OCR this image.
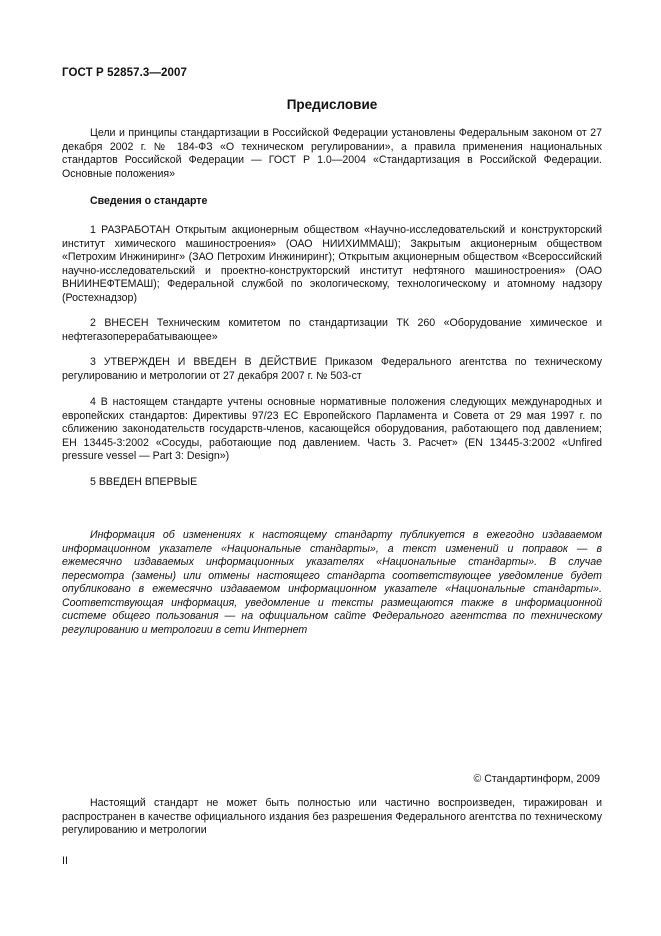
ГОСТ Р 52857.3—2007
Предисловие

Цели и принципы стандартизации в Российской Федерации установлены Федеральным законом от 27 декабря 2002 г. № 184-ФЗ «О техническом регулировании», а правила применения национальных стандартов Российской Федерации — ГОСТ Р 1.0—2004 «Стандартизация в Российской Федерации. Основные положения»

Сведения о стандарте

1 РАЗРАБОТАН Открытым акционерным обществом «Научно-исследовательский и конструкторский институт химического машиностроения» (ОАО НИИХИММАШ); Закрытым акционерным обществом «Петрохим Инжиниринг» (ЗАО Петрохим Инжиниринг); Открытым акционерным обществом «Всероссийский научно-исследовательский и проектно-конструкторский институт нефтяного машиностроения» (ОАО ВНИИНЕФТЕМАШ); Федеральной службой по экологическому, технологическому и атомному надзору (Ростехнадзор)

2 ВНЕСЕН Техническим комитетом по стандартизации ТК 260 «Оборудование химическое и нефтегазоперерабатывающее»

3 УТВЕРЖДЕН И ВВЕДЕН В ДЕЙСТВИЕ Приказом Федерального агентства по техническому регулированию и метрологии от 27 декабря 2007 г. № 503-ст

4 В настоящем стандарте учтены основные нормативные положения следующих международных и европейских стандартов: Директивы 97/23 ЕС Европейского Парламента и Совета от 29 мая 1997 г. по сближению законодательств государств-членов, касающейся оборудования, работающего под давлением; ЕН 13445-3:2002 «Сосуды, работающие под давлением. Часть 3. Расчет» (EN 13445-3:2002 «Unfired pressure vessel — Part 3: Design»)

5 ВВЕДЕН ВПЕРВЫЕ

Информация об изменениях к настоящему стандарту публикуется в ежегодно издаваемом информационном указателе «Национальные стандарты», а текст изменений и поправок — в ежемесячно издаваемых информационных указателях «Национальные стандарты». В случае пересмотра (замены) или отмены настоящего стандарта соответствующее уведомление будет опубликовано в ежемесячно издаваемом информационном указателе «Национальные стандарты». Соответствующая информация, уведомление и тексты размещаются также в информационной системе общего пользования — на официальном сайте Федерального агентства по техническому регулированию и метрологии в сети Интернет

© Стандартинформ, 2009

Настоящий стандарт не может быть полностью или частично воспроизведен, тиражирован и распространен в качестве официального издания без разрешения Федерального агентства по техническому регулированию и метрологии

II
